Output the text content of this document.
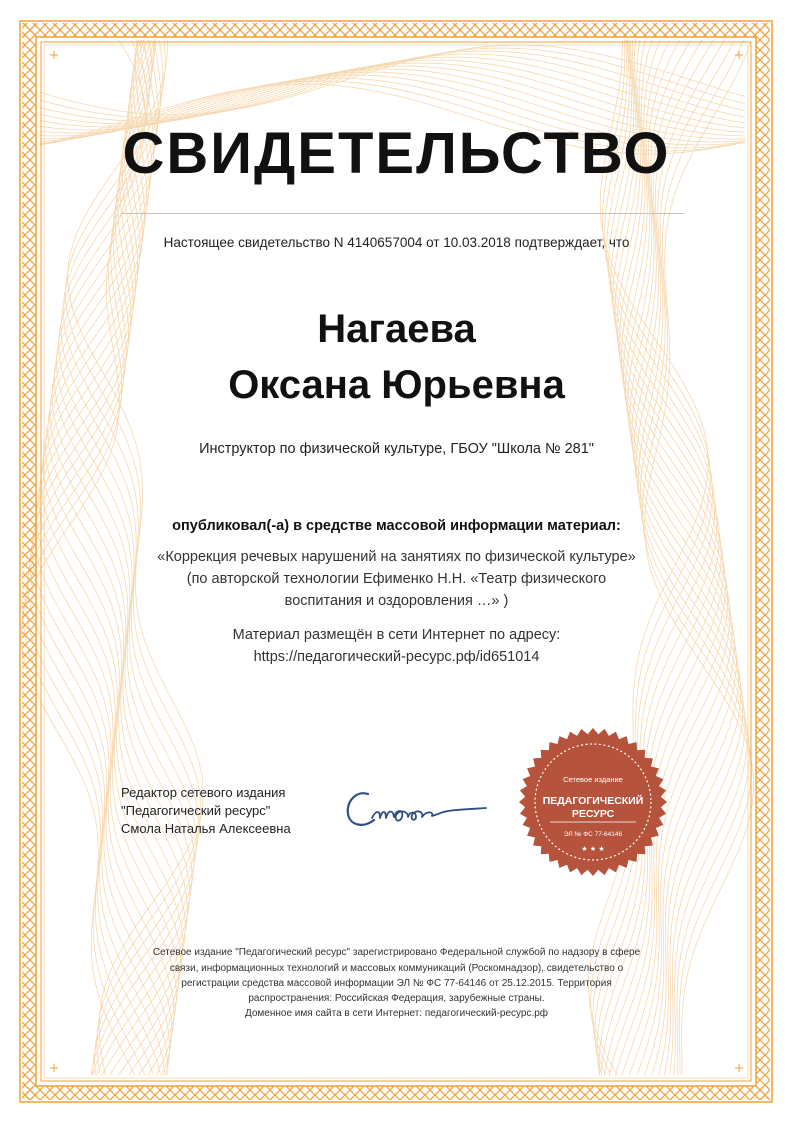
СВИДЕТЕЛЬСТВО
Настоящее свидетельство N 4140657004 от 10.03.2018 подтверждает, что
Нагаева
Оксана Юрьевна
Инструктор по физической культуре, ГБОУ "Школа № 281"
опубликовал(-а) в средстве массовой информации материал:
«Коррекция речевых нарушений на занятиях по физической культуре»
(по авторской технологии Ефименко Н.Н. «Театр физического
воспитания и оздоровления …» )
Материал размещён в сети Интернет по адресу:
https://педагогический-ресурс.рф/id651014
Редактор сетевого издания
"Педагогический ресурс"
Смола Наталья Алексеевна
Сетевое издание
ПЕДАГОГИЧЕСКИЙ
РЕСУРС
ЭЛ № ФС 77-64146
★ ★ ★
Сетевое издание "Педагогический ресурс" зарегистрировано Федеральной службой по надзору в сфере
связи, информационных технологий и массовых коммуникаций (Роскомнадзор), свидетельство о
регистрации средства массовой информации ЭЛ № ФС 77-64146 от 25.12.2015. Территория
распространения: Российская Федерация, зарубежные страны.
Доменное имя сайта в сети Интернет: педагогический-ресурс.рф
